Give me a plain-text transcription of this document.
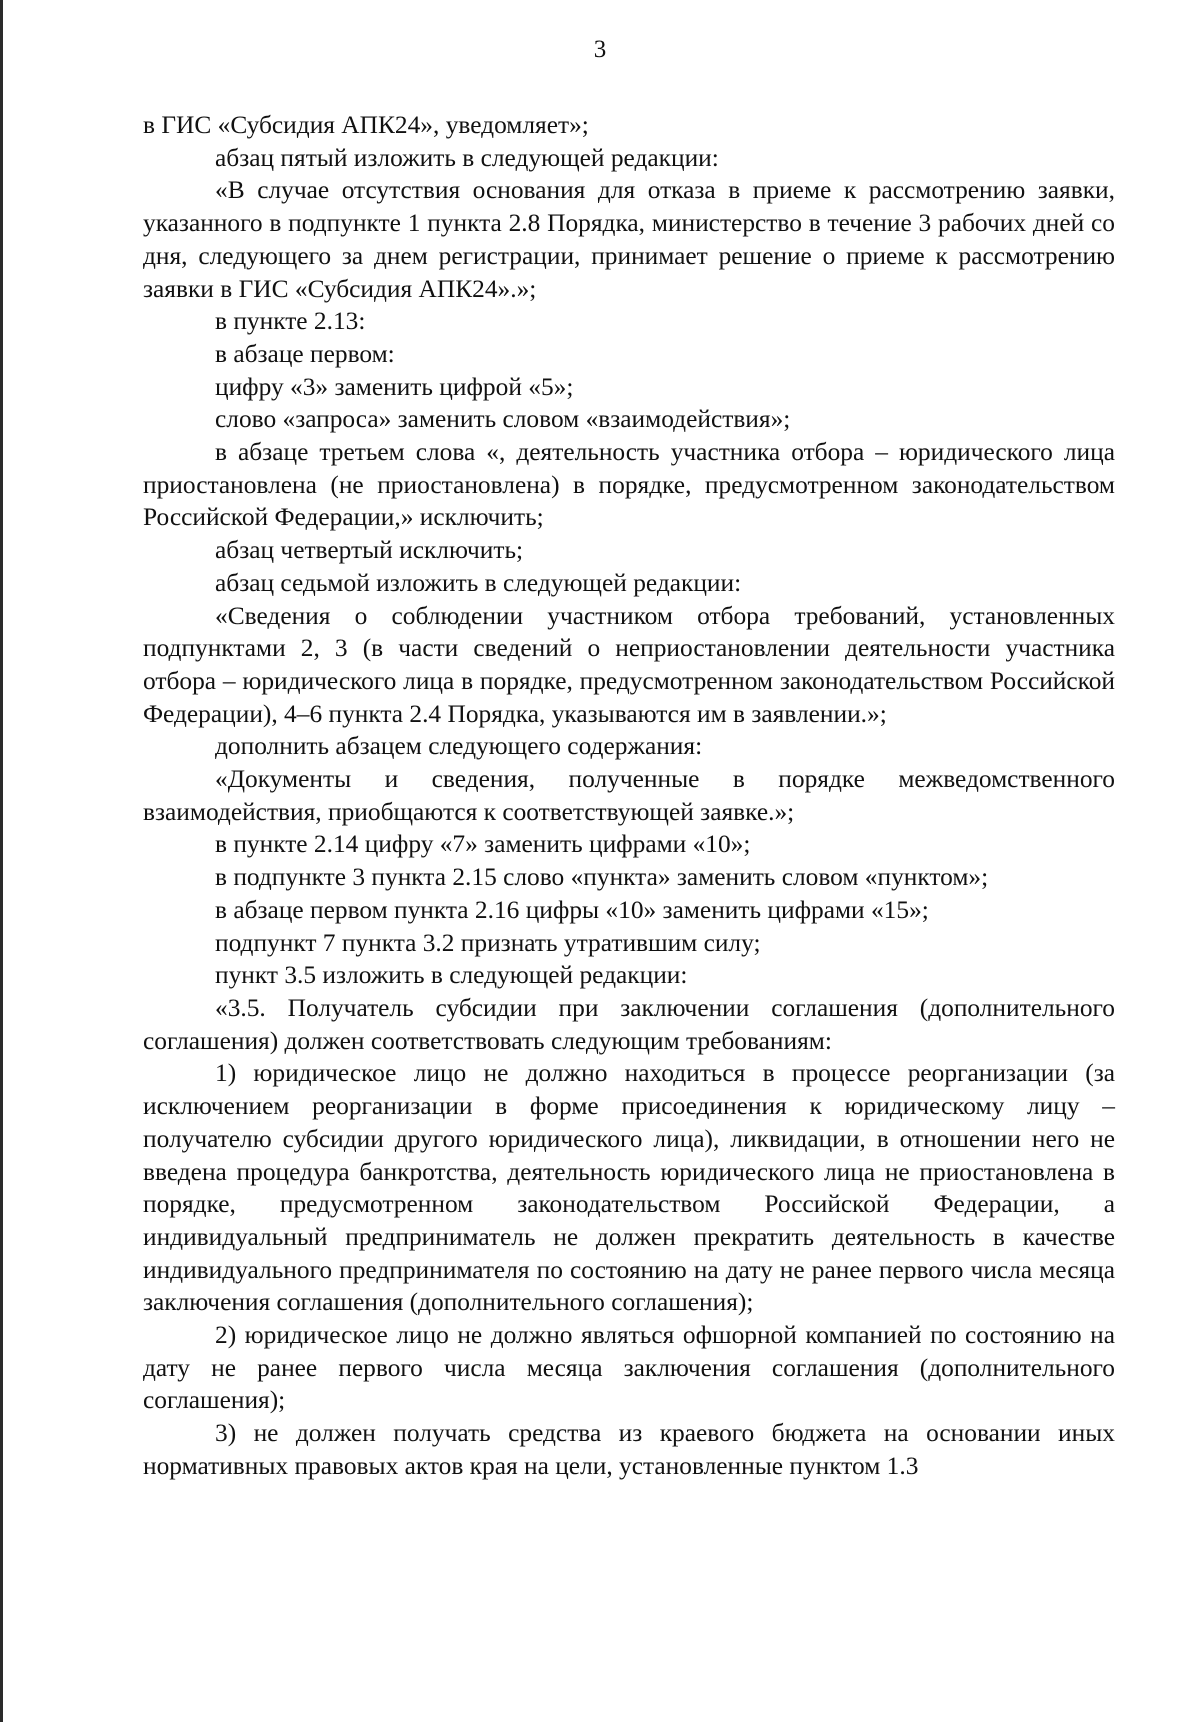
3

в ГИС «Субсидия АПК24», уведомляет»;

абзац пятый изложить в следующей редакции:

«В случае отсутствия основания для отказа в приеме к рассмотрению заявки, указанного в подпункте 1 пункта 2.8 Порядка, министерство в течение 3 рабочих дней со дня, следующего за днем регистрации, принимает решение о приеме к рассмотрению заявки в ГИС «Субсидия АПК24».»;

в пункте 2.13:

в абзаце первом:

цифру «3» заменить цифрой «5»;

слово «запроса» заменить словом «взаимодействия»;

в абзаце третьем слова «, деятельность участника отбора – юридического лица приостановлена (не приостановлена) в порядке, предусмотренном законодательством Российской Федерации,» исключить;

абзац четвертый исключить;

абзац седьмой изложить в следующей редакции:

«Сведения о соблюдении участником отбора требований, установленных подпунктами 2, 3 (в части сведений о неприостановлении деятельности участника отбора – юридического лица в порядке, предусмотренном законодательством Российской Федерации), 4–6 пункта 2.4 Порядка, указываются им в заявлении.»;

дополнить абзацем следующего содержания:

«Документы и сведения, полученные в порядке межведомственного взаимодействия, приобщаются к соответствующей заявке.»;

в пункте 2.14 цифру «7» заменить цифрами «10»;

в подпункте 3 пункта 2.15 слово «пункта» заменить словом «пунктом»;

в абзаце первом пункта 2.16 цифры «10» заменить цифрами «15»;

подпункт 7 пункта 3.2 признать утратившим силу;

пункт 3.5 изложить в следующей редакции:

«3.5. Получатель субсидии при заключении соглашения (дополнительного соглашения) должен соответствовать следующим требованиям:

1) юридическое лицо не должно находиться в процессе реорганизации (за исключением реорганизации в форме присоединения к юридическому лицу – получателю субсидии другого юридического лица), ликвидации, в отношении него не введена процедура банкротства, деятельность юридического лица не приостановлена в порядке, предусмотренном законодательством Российской Федерации, а индивидуальный предприниматель не должен прекратить деятельность в качестве индивидуального предпринимателя по состоянию на дату не ранее первого числа месяца заключения соглашения (дополнительного соглашения);

2) юридическое лицо не должно являться офшорной компанией по состоянию на дату не ранее первого числа месяца заключения соглашения (дополнительного соглашения);

3) не должен получать средства из краевого бюджета на основании иных нормативных правовых актов края на цели, установленные пунктом 1.3
